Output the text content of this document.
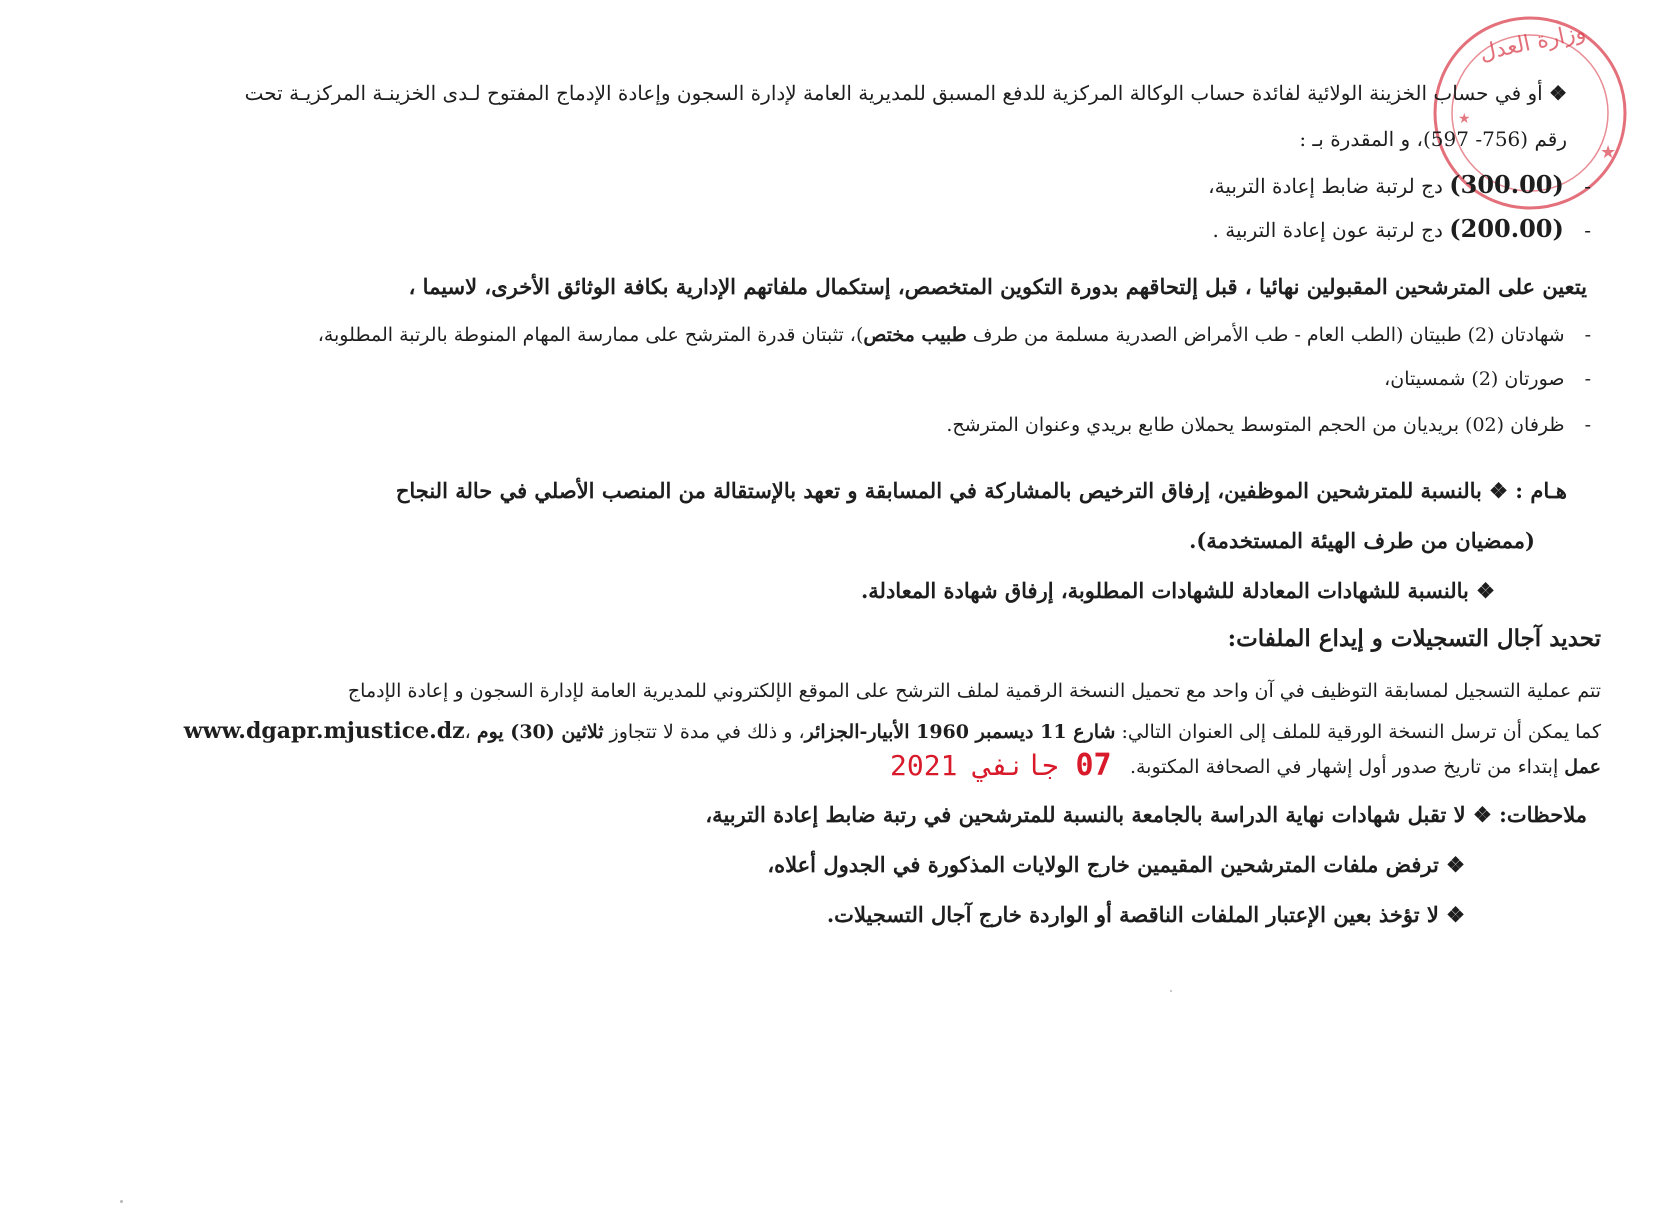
وزارة العدل
★
★
❖ أو في حساب الخزينة الولائية لفائدة حساب الوكالة المركزية للدفع المسبق للمديرية العامة لإدارة السجون وإعادة الإدماج المفتوح لـدى الخزينـة المركزيـة تحت
رقم (756- 597)، و المقدرة بـ :
- (300.00) دج لرتبة ضابط إعادة التربية،
- (200.00) دج لرتبة عون إعادة التربية .
يتعين على المترشحين المقبولين نهائيا ، قبل إلتحاقهم بدورة التكوين المتخصص، إستكمال ملفاتهم الإدارية بكافة الوثائق الأخرى، لاسيما ،
- شهادتان (2) طبيتان (الطب العام - طب الأمراض الصدرية مسلمة من طرف طبيب مختص)، تثبتان قدرة المترشح على ممارسة المهام المنوطة بالرتبة المطلوبة،
- صورتان (2) شمسيتان،
- ظرفان (02) بريديان من الحجم المتوسط يحملان طابع بريدي وعنوان المترشح.
هـام : ❖ بالنسبة للمترشحين الموظفين، إرفاق الترخيص بالمشاركة في المسابقة و تعهد بالإستقالة من المنصب الأصلي في حالة النجاح
(ممضيان من طرف الهيئة المستخدمة).
❖ بالنسبة للشهادات المعادلة للشهادات المطلوبة، إرفاق شهادة المعادلة.
تحديد آجال التسجيلات و إيداع الملفات:
تتم عملية التسجيل لمسابقة التوظيف في آن واحد مع تحميل النسخة الرقمية لملف الترشح على الموقع الإلكتروني للمديرية العامة لإدارة السجون و إعادة الإدماج
www.dgapr.mjustice.dz، كما يمكن أن ترسل النسخة الورقية للملف إلى العنوان التالي: شارع 11 ديسمبر 1960 الأبيار-الجزائر، و ذلك في مدة لا تتجاوز ثلاثين (30) يوم
عمل إبتداء من تاريخ صدور أول إشهار في الصحافة المكتوبة.
07 جانفي 2021
ملاحظات: ❖ لا تقبل شهادات نهاية الدراسة بالجامعة بالنسبة للمترشحين في رتبة ضابط إعادة التربية،
❖ ترفض ملفات المترشحين المقيمين خارج الولايات المذكورة في الجدول أعلاه،
❖ لا تؤخذ بعين الإعتبار الملفات الناقصة أو الواردة خارج آجال التسجيلات.
